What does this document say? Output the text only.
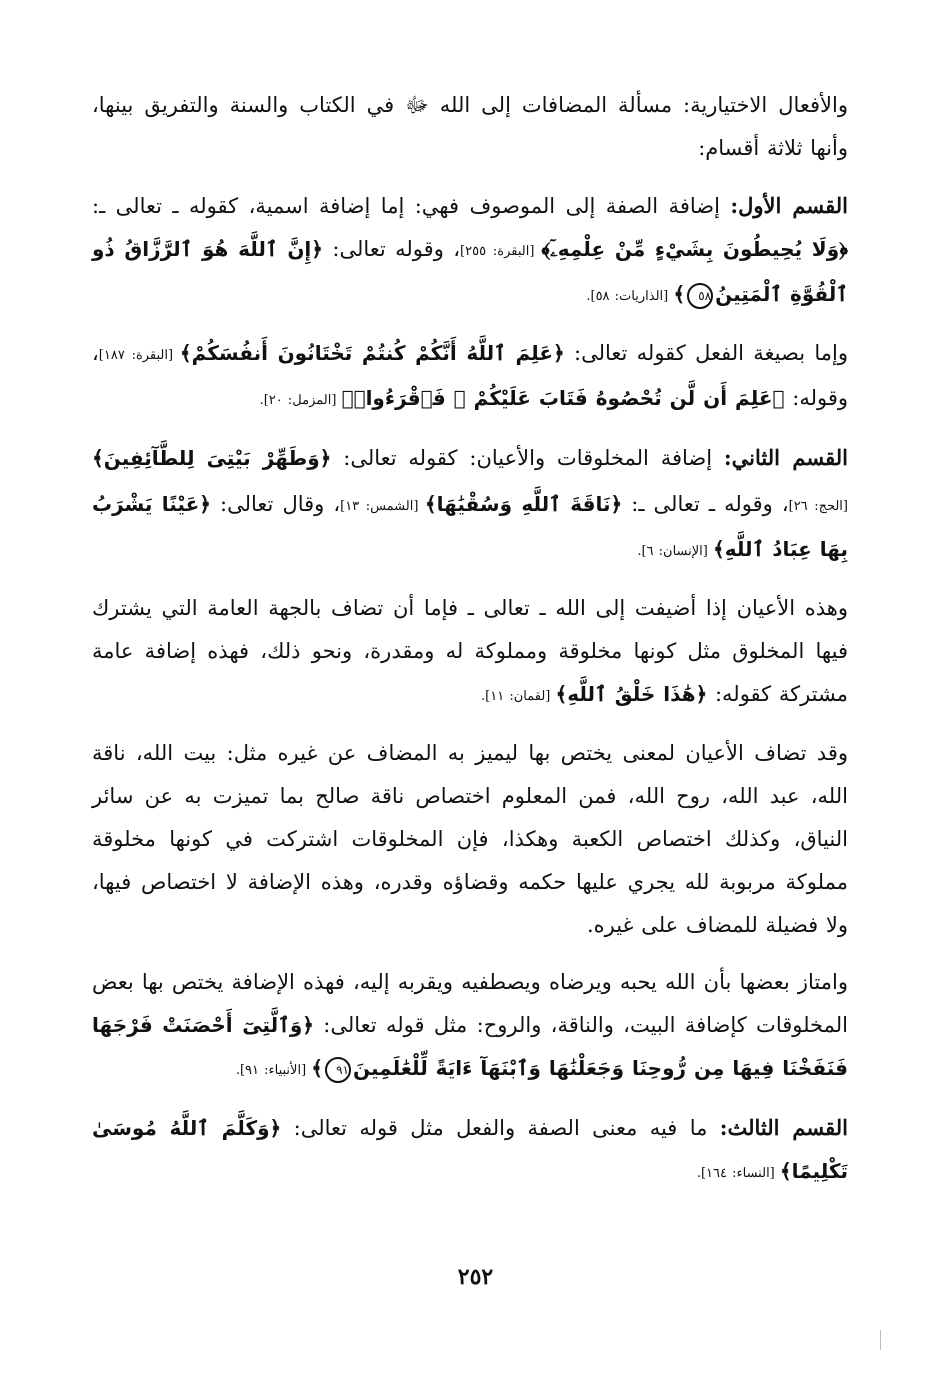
والأفعال الاختيارية: مسألة المضافات إلى الله ﷻ في الكتاب والسنة والتفريق بينها، وأنها ثلاثة أقسام:

القسم الأول: إضافة الصفة إلى الموصوف فهي: إما إضافة اسمية، كقوله ـ تعالى ـ: ﴿وَلَا يُحِيطُونَ بِشَيْءٍ مِّنْ عِلْمِهِۦٓ﴾ [البقرة: ٢٥٥]، وقوله تعالى: ﴿إِنَّ ٱللَّهَ هُوَ ٱلرَّزَّاقُ ذُو ٱلْقُوَّةِ ٱلْمَتِينُ٥٨﴾ [الذاريات: ٥٨].

وإما بصيغة الفعل كقوله تعالى: ﴿عَلِمَ ٱللَّهُ أَنَّكُمْ كُنتُمْ تَخْتَانُونَ أَنفُسَكُمْ﴾ [البقرة: ١٨٧]، وقوله: ﴿عَلِمَ أَن لَّن تُحْصُوهُ فَتَابَ عَلَيْكُمْ ۖ فَٱقْرَءُوا۟﴾ [المزمل: ٢٠].

القسم الثاني: إضافة المخلوقات والأعيان: كقوله تعالى: ﴿وَطَهِّرْ بَيْتِىَ لِلطَّآئِفِينَ﴾ [الحج: ٢٦]، وقوله ـ تعالى ـ: ﴿نَاقَةَ ٱللَّهِ وَسُقْيَٰهَا﴾ [الشمس: ١٣]، وقال تعالى: ﴿عَيْنًا يَشْرَبُ بِهَا عِبَادُ ٱللَّهِ﴾ [الإنسان: ٦].

وهذه الأعيان إذا أضيفت إلى الله ـ تعالى ـ فإما أن تضاف بالجهة العامة التي يشترك فيها المخلوق مثل كونها مخلوقة ومملوكة له ومقدرة، ونحو ذلك، فهذه إضافة عامة مشتركة كقوله: ﴿هَٰذَا خَلْقُ ٱللَّهِ﴾ [لقمان: ١١].

وقد تضاف الأعيان لمعنى يختص بها ليميز به المضاف عن غيره مثل: بيت الله، ناقة الله، عبد الله، روح الله، فمن المعلوم اختصاص ناقة صالح بما تميزت به عن سائر النياق، وكذلك اختصاص الكعبة وهكذا، فإن المخلوقات اشتركت في كونها مخلوقة مملوكة مربوبة لله يجري عليها حكمه وقضاؤه وقدره، وهذه الإضافة لا اختصاص فيها، ولا فضيلة للمضاف على غيره.

وامتاز بعضها بأن الله يحبه ويرضاه ويصطفيه ويقربه إليه، فهذه الإضافة يختص بها بعض المخلوقات كإضافة البيت، والناقة، والروح: مثل قوله تعالى: ﴿وَٱلَّتِىٓ أَحْصَنَتْ فَرْجَهَا فَنَفَخْنَا فِيهَا مِن رُّوحِنَا وَجَعَلْنَٰهَا وَٱبْنَهَآ ءَايَةً لِّلْعَٰلَمِينَ٩١﴾ [الأنبياء: ٩١].

القسم الثالث: ما فيه معنى الصفة والفعل مثل قوله تعالى: ﴿وَكَلَّمَ ٱللَّهُ مُوسَىٰ تَكْلِيمًا﴾ [النساء: ١٦٤].

٢٥٢
